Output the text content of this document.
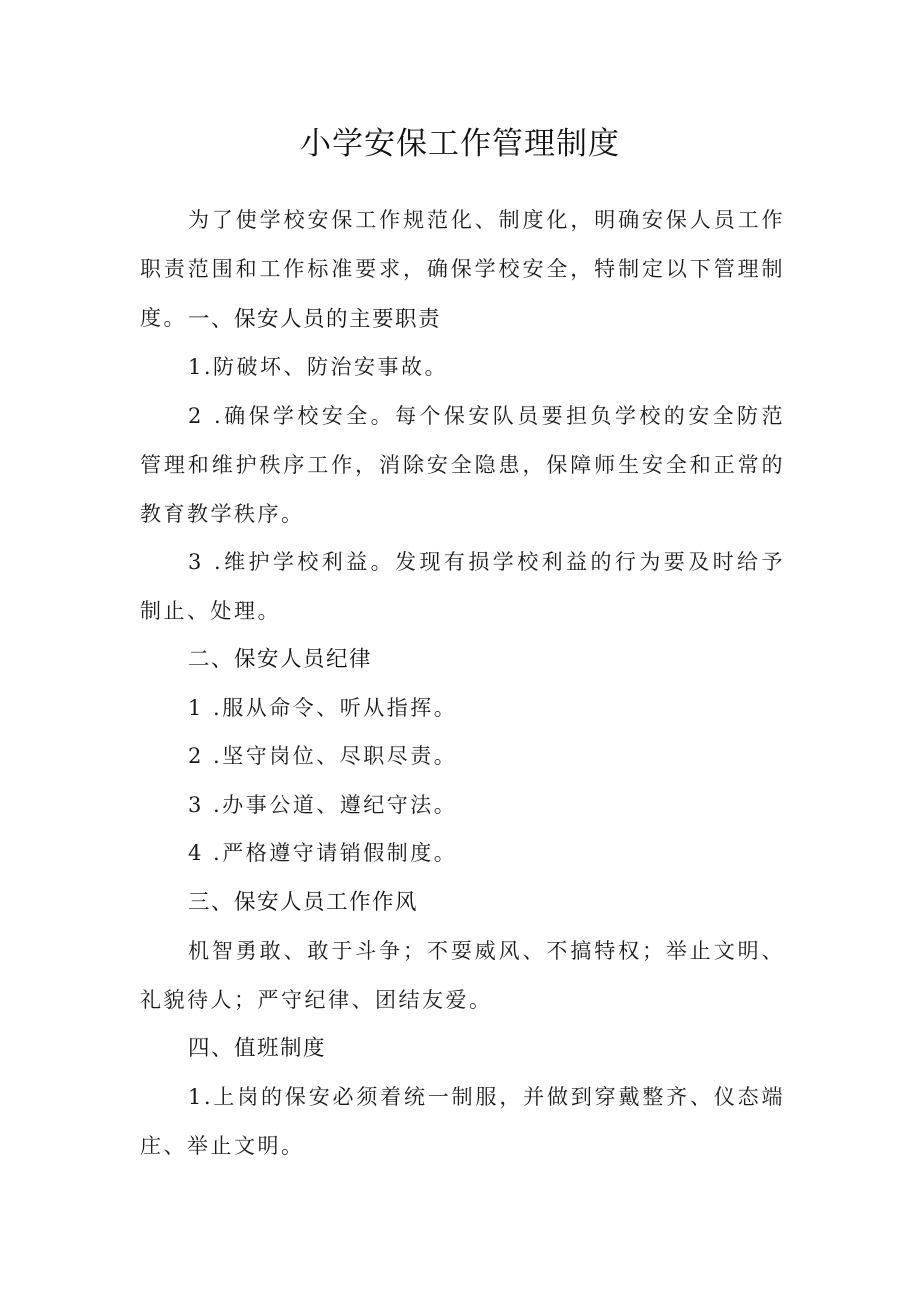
小学安保工作管理制度

为了使学校安保工作规范化、制度化，明确安保人员工作职责范围和工作标准要求，确保学校安全，特制定以下管理制度。 一、保安人员的主要职责

1.防破坏、防治安事故。

2 .确保学校安全。每个保安队员要担负学校的安全防范管理和维护秩序工作，消除安全隐患，保障师生安全和正常的教育教学秩序。

3 .维护学校利益。发现有损学校利益的行为要及时给予制止、处理。

二、保安人员纪律

1 .服从命令、听从指挥。

2 .坚守岗位、尽职尽责。

3 .办事公道、遵纪守法。

4 .严格遵守请销假制度。

三、保安人员工作作风

机智勇敢、敢于斗争；不耍威风、不搞特权；举止文明、礼貌待人；严守纪律、团结友爱。

四、值班制度

1.上岗的保安必须着统一制服，并做到穿戴整齐、仪态端庄、举止文明。
